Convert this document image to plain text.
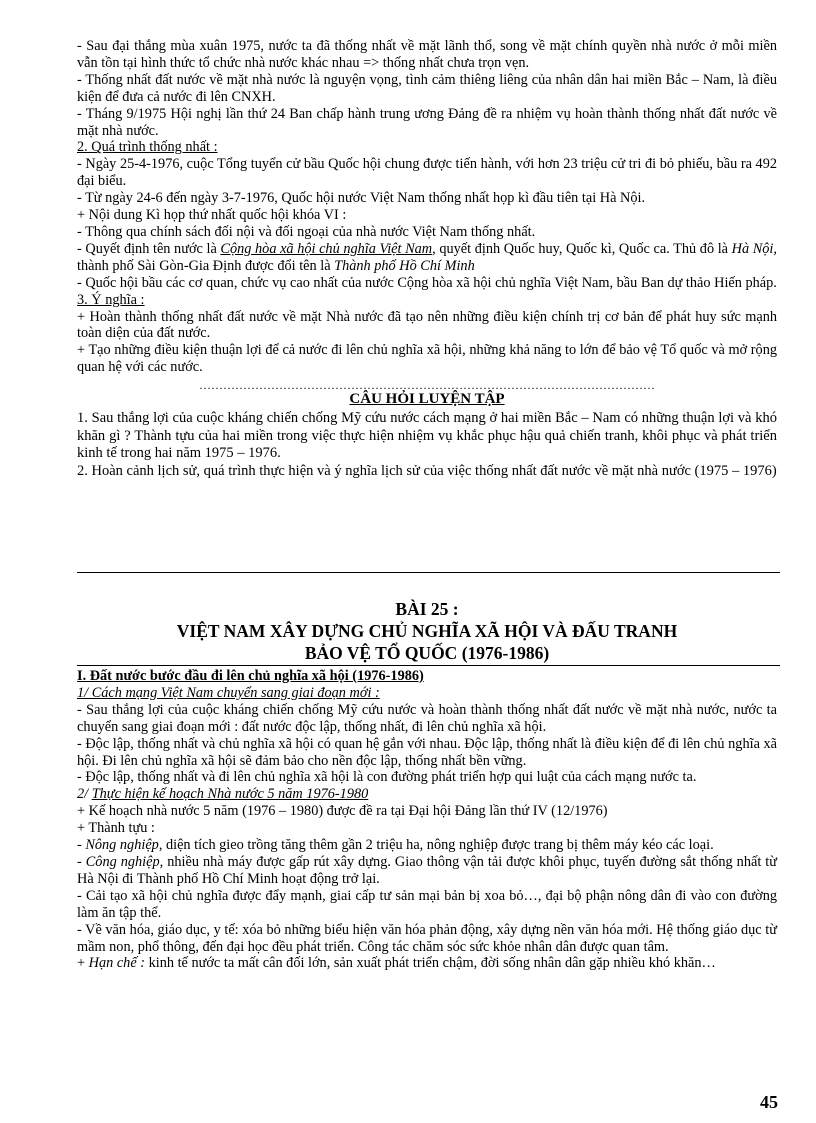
- Sau đại thắng mùa xuân 1975, nước ta đã thống nhất về mặt lãnh thổ, song về mặt chính quyền nhà nước ở mỗi miền vẫn tồn tại hình thức tổ chức nhà nước khác nhau => thống nhất chưa trọn vẹn.

- Thống nhất đất nước về mặt nhà nước là nguyện vọng, tình cảm thiêng liêng của nhân dân hai miền Bắc – Nam, là điều kiện để đưa cả nước đi lên CNXH.

- Tháng 9/1975 Hội nghị lần thứ 24 Ban chấp hành trung ương Đảng đề ra nhiệm vụ hoàn thành thống nhất đất nước về mặt nhà nước.

2. Quá trình thống nhất :

- Ngày 25-4-1976, cuộc Tổng tuyển cử bầu Quốc hội chung được tiến hành, với hơn 23 triệu cử tri đi bỏ phiếu, bầu ra 492 đại biểu.

- Từ ngày 24-6 đến ngày 3-7-1976, Quốc hội nước Việt Nam thống nhất họp kì đầu tiên tại Hà Nội.

+ Nội dung Kì họp thứ nhất quốc hội khóa VI :

- Thông qua chính sách đối nội và đối ngoại của nhà nước Việt Nam thống nhất.

- Quyết định tên nước là Cộng hòa xã hội chủ nghĩa Việt Nam, quyết định Quốc huy, Quốc kì, Quốc ca. Thủ đô là Hà Nội, thành phố Sài Gòn-Gia Định được đổi tên là Thành phố Hồ Chí Minh

- Quốc hội bầu các cơ quan, chức vụ cao nhất của nước Cộng hòa xã hội chủ nghĩa Việt Nam, bầu Ban dự thảo Hiến pháp.

3. Ý nghĩa :

+ Hoàn thành thống nhất đất nước về mặt Nhà nước đã tạo nên những điều kiện chính trị cơ bản để phát huy sức mạnh toàn diện của đất nước.

+ Tạo những điều kiện thuận lợi để cả nước đi lên chủ nghĩa xã hội, những khả năng to lớn để bảo vệ Tổ quốc và mở rộng quan hệ với các nước.

……………………………………………………………………………………………………
CÂU HỎI LUYỆN TẬP

1. Sau thắng lợi của cuộc kháng chiến chống Mỹ cứu nước cách mạng ở hai miền Bắc – Nam có những thuận lợi và khó khăn gì ? Thành tựu của hai miền trong việc thực hiện nhiệm vụ khắc phục hậu quả chiến tranh, khôi phục và phát triển kinh tế trong hai năm 1975 – 1976.

2. Hoàn cảnh lịch sử, quá trình thực hiện và ý nghĩa lịch sử của việc thống nhất đất nước về mặt nhà nước (1975 – 1976)

BÀI 25 :

VIỆT NAM XÂY DỰNG CHỦ NGHĨA XÃ HỘI VÀ ĐẤU TRANH

BẢO VỆ TỔ QUỐC (1976-1986)

I. Đất nước bước đầu đi lên chủ nghĩa xã hội (1976-1986)

1/ Cách mạng Việt Nam chuyển sang giai đoạn mới :

- Sau thắng lợi của cuộc kháng chiến chống Mỹ cứu nước và hoàn thành thống nhất đất nước về mặt nhà nước, nước ta chuyển sang giai đoạn mới : đất nước độc lập, thống nhất, đi lên chủ nghĩa xã hội.

- Độc lập, thống nhất và chủ nghĩa xã hội có quan hệ gắn với nhau. Độc lập, thống nhất là điều kiện để đi lên chủ nghĩa xã hội. Đi lên chủ nghĩa xã hội sẽ đảm bảo cho nền độc lập, thống nhất bền vững.

- Độc lập, thống nhất và đi lên chủ nghĩa xã hội là con đường phát triển hợp qui luật của cách mạng nước ta.

2/ Thực hiện kế hoạch Nhà nước 5 năm 1976-1980

+ Kế hoạch nhà nước 5 năm (1976 – 1980) được đề ra tại Đại hội Đảng lần thứ IV (12/1976)

+ Thành tựu :

- Nông nghiệp, diện tích gieo trồng tăng thêm gần 2 triệu ha, nông nghiệp được trang bị thêm máy kéo các loại.

- Công nghiệp, nhiều nhà máy được gấp rút xây dựng. Giao thông vận tải được khôi phục, tuyến đường sắt thống nhất từ Hà Nội đi Thành phố Hồ Chí Minh hoạt động trở lại.

- Cải tạo xã hội chủ nghĩa được đẩy mạnh, giai cấp tư sản mại bản bị xoa bỏ…, đại bộ phận nông dân đi vào con đường làm ăn tập thể.

- Về văn hóa, giáo dục, y tế: xóa bỏ những biểu hiện văn hóa phản động, xây dựng nền văn hóa mới. Hệ thống giáo dục từ mầm non, phổ thông, đến đại học đều phát triển. Công tác chăm sóc sức khỏe nhân dân được quan tâm.

+ Hạn chế : kinh tế nước ta mất cân đối lớn, sản xuất phát triển chậm, đời sống nhân dân gặp nhiều khó khăn…

45
